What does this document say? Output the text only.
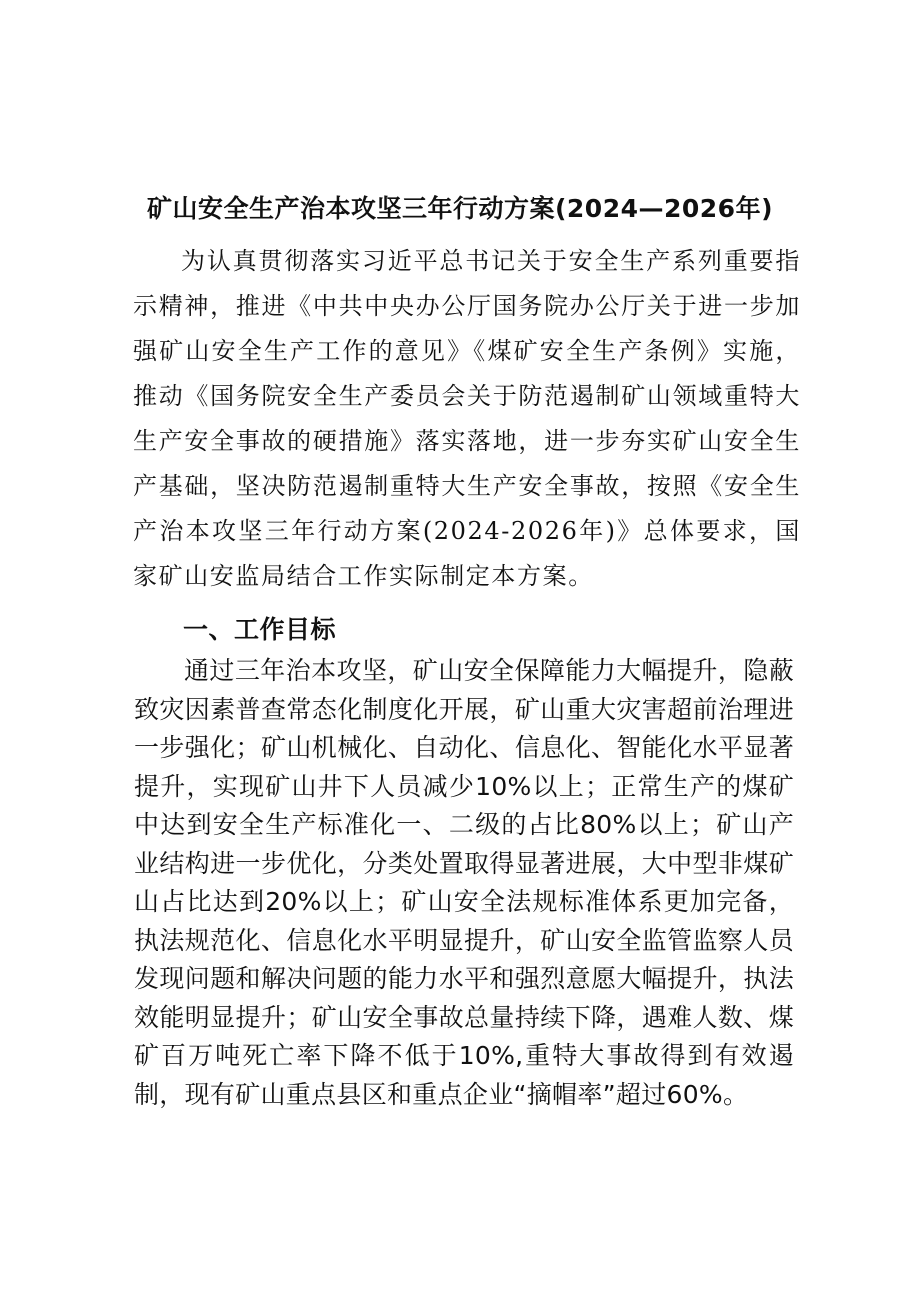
矿山安全生产治本攻坚三年行动方案(2024—2026年)

为认真贯彻落实习近平总书记关于安全生产系列重要指示精神，推进《中共中央办公厅国务院办公厅关于进一步加强矿山安全生产工作的意见》《煤矿安全生产条例》实施，推动《国务院安全生产委员会关于防范遏制矿山领域重特大生产安全事故的硬措施》落实落地，进一步夯实矿山安全生产基础，坚决防范遏制重特大生产安全事故，按照《安全生产治本攻坚三年行动方案(2024-2026年)》总体要求，国家矿山安监局结合工作实际制定本方案。

一、工作目标

通过三年治本攻坚，矿山安全保障能力大幅提升，隐蔽致灾因素普查常态化制度化开展，矿山重大灾害超前治理进一步强化；矿山机械化、自动化、信息化、智能化水平显著提升，实现矿山井下人员减少10%以上；正常生产的煤矿中达到安全生产标准化一、二级的占比80%以上；矿山产业结构进一步优化，分类处置取得显著进展，大中型非煤矿山占比达到20%以上；矿山安全法规标准体系更加完备，执法规范化、信息化水平明显提升，矿山安全监管监察人员发现问题和解决问题的能力水平和强烈意愿大幅提升，执法效能明显提升；矿山安全事故总量持续下降，遇难人数、煤矿百万吨死亡率下降不低于10%,重特大事故得到有效遏制，现有矿山重点县区和重点企业“摘帽率”超过60%。
